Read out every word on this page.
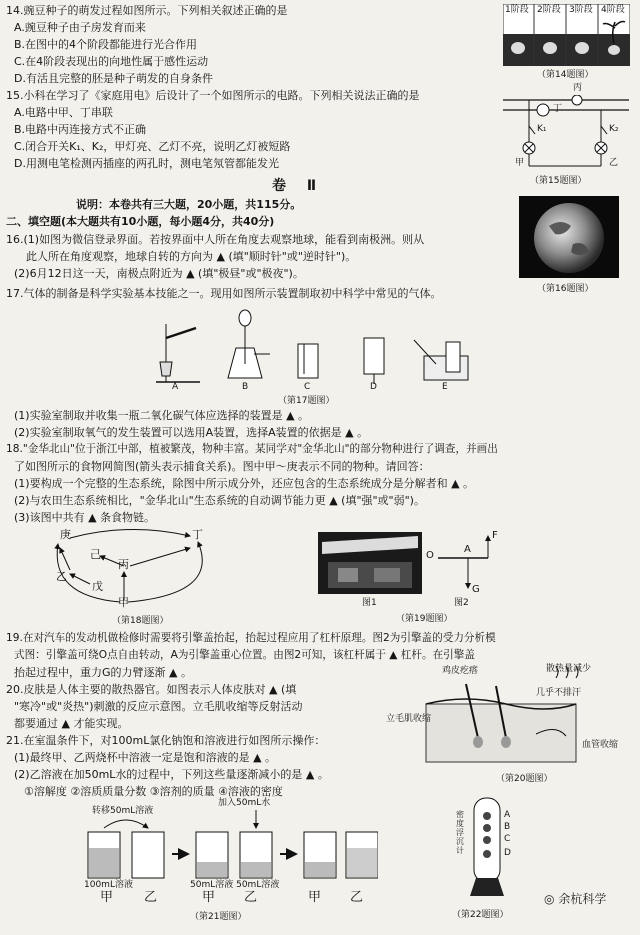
14.豌豆种子的萌发过程如图所示。下列相关叙述正确的是
A.豌豆种子由子房发育而来
B.在图中的4个阶段都能进行光合作用
C.在4阶段表现出的向地性属于感性运动
D.有活且完整的胚是种子萌发的自身条件
1阶段 2阶段 3阶段 4阶段
（第14题图）
15.小科在学习了《家庭用电》后设计了一个如图所示的电路。下列相关说法正确的是
A.电路中甲、丁串联
B.电路中丙连接方式不正确
C.闭合开关K₁、K₂，甲灯亮、乙灯不亮，说明乙灯被短路
D.用测电笔检测丙插座的两孔时，测电笔氖管都能发光
丙
丁
K₁	K₂
甲	乙
（第15题图）
卷 Ⅱ
说明：本卷共有三大题，20小题，共115分。
二、填空题(本大题共有10小题，每小题4分，共40分)
（第16题图）
16.(1)如图为微信登录界面。若按界面中人所在角度去观察地球，能看到南极洲。则从
此人所在角度观察，地球自转的方向为 ▲ (填"顺时针"或"逆时针")。
(2)6月12日这一天，南极点附近为 ▲ (填"极昼"或"极夜")。
17.气体的制备是科学实验基本技能之一。现用如图所示装置制取初中科学中常见的气体。
A	B	C	D	E
（第17题图）
(1)实验室制取并收集一瓶二氧化碳气体应选择的装置是 ▲ 。
(2)实验室制取氧气的发生装置可以选用A装置，选择A装置的依据是 ▲ 。
18."金华北山"位于浙江中部，植被繁茂，物种丰富。某同学对"金华北山"的部分物种进行了调查，并画出
了如图所示的食物网简图(箭头表示捕食关系)。图中甲～庚表示不同的物种。请回答：
(1)要构成一个完整的生态系统，除图中所示成分外，还应包含的生态系统成分是分解者和 ▲ 。
(2)与农田生态系统相比，"金华北山"生态系统的自动调节能力更 ▲ (填"强"或"弱")。
(3)该图中共有 ▲ 条食物链。
庚	丁
丙
己
乙
戊
甲
（第18题图）
图1
O
A
F
G
图2
（第19题图）
19.在对汽车的发动机做检修时需要将引擎盖抬起，抬起过程应用了杠杆原理。图2为引擎盖的受力分析模
式图：引擎盖可绕O点自由转动，A为引擎盖重心位置。由图2可知，该杠杆属于 ▲ 杠杆。在引擎盖
抬起过程中，重力G的力臂逐渐 ▲ 。
20.皮肤是人体主要的散热器官。如图表示人体皮肤对 ▲ (填
"寒冷"或"炎热")刺激的反应示意图。立毛肌收缩等反射活动
都要通过 ▲ 才能实现。
鸡皮疙瘩	散热量减少
几乎不排汗
立毛肌收缩
血管收缩
（第20题图）
21.在室温条件下，对100mL氯化钠饱和溶液进行如图所示操作：
(1)最终甲、乙两烧杯中溶液一定是饱和溶液的是 ▲ 。
(2)乙溶液在加50mL水的过程中，下列这些量逐渐减小的是 ▲ 。
①溶解度 ②溶质质量分数 ③溶剂的质量 ④溶液的密度
转移50mL溶液
加入50mL水
100mL溶液	50mL溶液 50mL溶液
甲 乙	甲 乙	甲 乙
（第21题图）
密度浮沉计
A
B
C
D
（第22题图）
◎ 余杭科学
